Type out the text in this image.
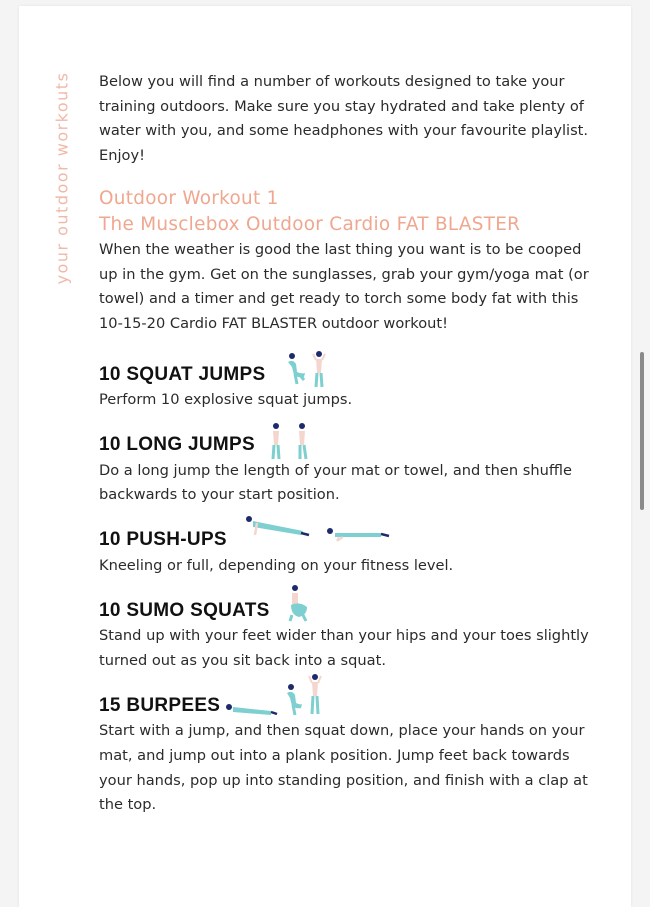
your outdoor workouts Below you will find a number of workouts designed to take your training outdoors. Make sure you stay hydrated and take plenty of water with you, and some headphones with your favourite playlist. Enjoy!

Outdoor Workout 1
The Musclebox Outdoor Cardio FAT BLASTER

When the weather is good the last thing you want is to be cooped up in the gym. Get on the sunglasses, grab your gym/yoga mat (or towel) and a timer and get ready to torch some body fat with this 10-15-20 Cardio FAT BLASTER outdoor workout!

10 SQUAT JUMPS
Perform 10 explosive squat jumps.
10 LONG JUMPS
Do a long jump the length of your mat or towel, and then shuffle backwards to your start position.
10 PUSH-UPS
Kneeling or full, depending on your fitness level.
10 SUMO SQUATS
Stand up with your feet wider than your hips and your toes slightly turned out as you sit back into a squat.
15 BURPEES
Start with a jump, and then squat down, place your hands on your mat, and jump out into a plank position. Jump feet back towards your hands, pop up into standing position, and finish with a clap at the top.
